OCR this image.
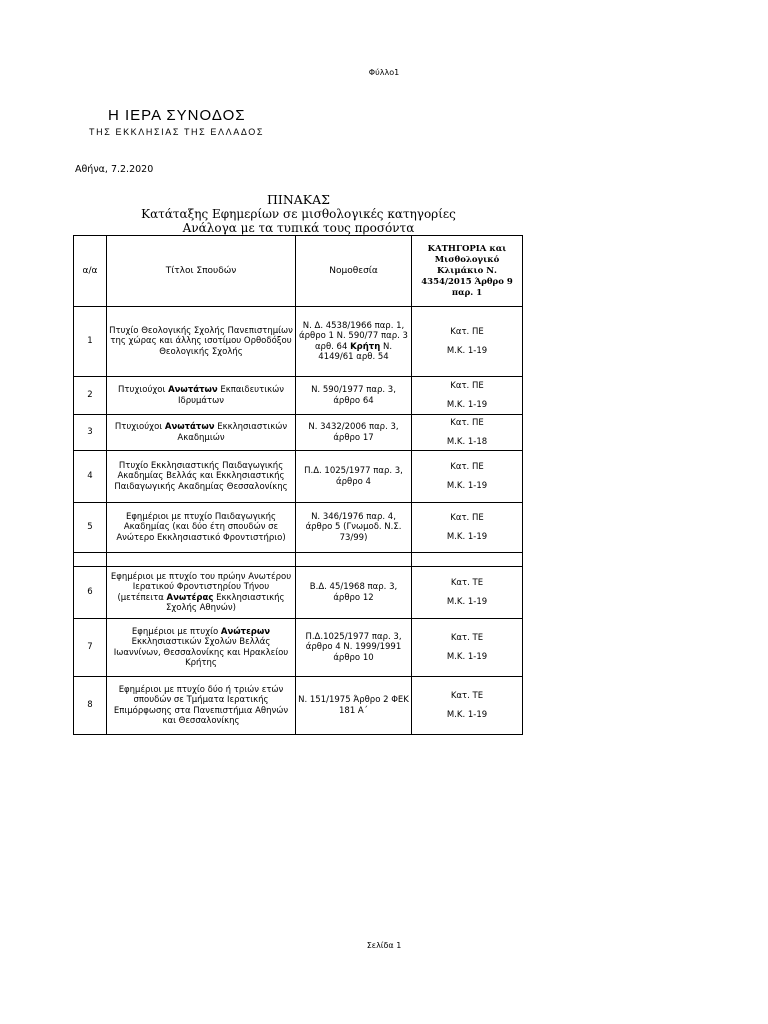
Φύλλο1
Η ΙΕΡΑ ΣΥΝΟΔΟΣ
ΤΗΣ ΕΚΚΛΗΣΙΑΣ ΤΗΣ ΕΛΛΑΔΟΣ
Αθήνα, 7.2.2020
ΠΙΝΑΚΑΣ
Κατάταξης Εφημερίων σε μισθολογικές κατηγορίες
Ανάλογα με τα τυπικά τους προσόντα
α/α	Τίτλοι Σπουδών	Νομοθεσία	ΚΑΤΗΓΟΡΙΑ και Μισθολογικό Κλιμάκιο Ν. 4354/2015 Άρθρο 9 παρ. 1
1	Πτυχίο Θεολογικής Σχολής Πανεπιστημίων της χώρας και άλλης ισοτίμου Ορθοδόξου Θεολογικής Σχολής	Ν. Δ. 4538/1966 παρ. 1, άρθρο 1 Ν. 590/77 παρ. 3 αρθ. 64 Κρήτη Ν. 4149/61 αρθ. 54	Κατ. ΠΕ
Μ.Κ. 1-19

2	Πτυχιούχοι Ανωτάτων Εκπαιδευτικών Ιδρυμάτων	Ν. 590/1977 παρ. 3, άρθρο 64	Κατ. ΠΕ
Μ.Κ. 1-19

3	Πτυχιούχοι Ανωτάτων Εκκλησιαστικών Ακαδημιών	Ν. 3432/2006 παρ. 3, άρθρο 17	Κατ. ΠΕ
Μ.Κ. 1-18

4	Πτυχίο Εκκλησιαστικής Παιδαγωγικής Ακαδημίας Βελλάς και Εκκλησιαστικής Παιδαγωγικής Ακαδημίας Θεσσαλονίκης	Π.Δ. 1025/1977 παρ. 3, άρθρο 4	Κατ. ΠΕ
Μ.Κ. 1-19

5	Εφημέριοι με πτυχίο Παιδαγωγικής Ακαδημίας (και δύο έτη σπουδών σε Ανώτερο Εκκλησιαστικό Φροντιστήριο)	Ν. 346/1976 παρ. 4, άρθρο 5 (Γνωμοδ. Ν.Σ. 73/99)	Κατ. ΠΕ
Μ.Κ. 1-19

6	Εφημέριοι με πτυχίο του πρώην Ανωτέρου Ιερατικού Φροντιστηρίου Τήνου (μετέπειτα Ανωτέρας Εκκλησιαστικής Σχολής Αθηνών)	Β.Δ. 45/1968 παρ. 3, άρθρο 12	Κατ. ΤΕ
Μ.Κ. 1-19

7	Εφημέριοι με πτυχίο Ανώτερων Εκκλησιαστικών Σχολών Βελλάς Ιωαννίνων, Θεσσαλονίκης και Ηρακλείου Κρήτης	Π.Δ.1025/1977 παρ. 3, άρθρο 4 Ν. 1999/1991 άρθρο 10	Κατ. ΤΕ
Μ.Κ. 1-19

8	Εφημέριοι με πτυχίο δύο ή τριών ετών σπουδών σε Τμήματα Ιερατικής Επιμόρφωσης στα Πανεπιστήμια Αθηνών και Θεσσαλονίκης	Ν. 151/1975 Άρθρο 2 ΦΕΚ 181 Α΄	Κατ. ΤΕ
Μ.Κ. 1-19
Σελίδα 1
